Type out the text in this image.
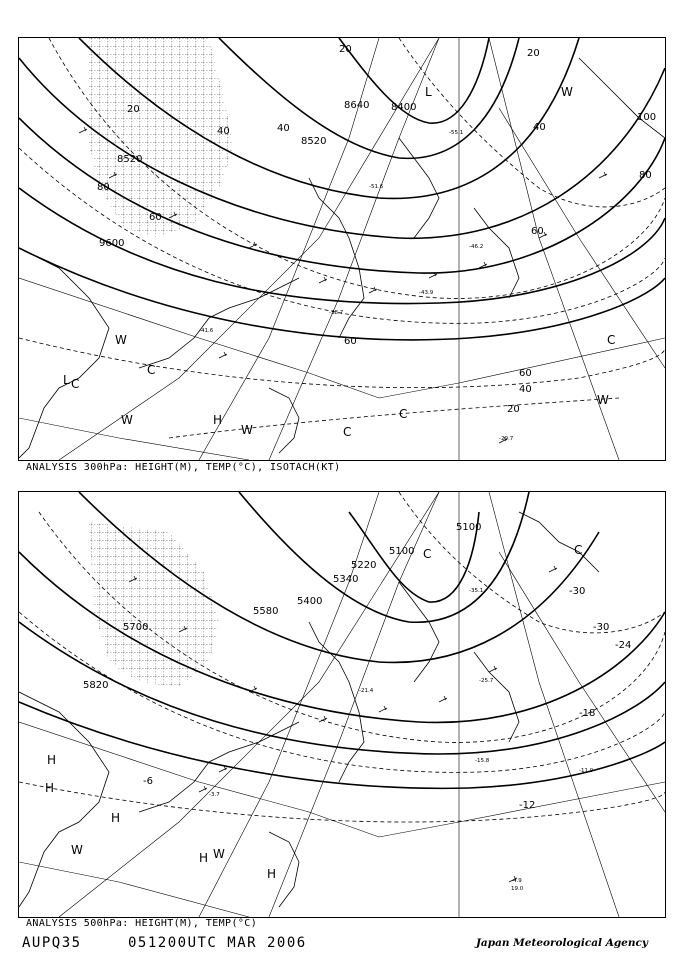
9600
8520
8640 8400
8520
20
40
60
60
40
20
20
40
60
80
100
20
40
60
80
W
W
W
L
C
C
H
W
C
C
C
W
L
-29.7
-41.6
-38.7
-43.9
-46.2
-51.6
-55.1
ANALYSIS 300hPa: HEIGHT(M), TEMP(°C), ISOTACH(KT)
5100
5100
5340
5220
5580
5400
5700
5820
-30
-24
-18
-12
-6
-30
C	C
H
H
H
W	W
H
H
-4.9
19.0
-3.7
-11.9
-15.8
-21.4
-25.7
-35.1
ANALYSIS 500hPa: HEIGHT(M), TEMP(°C)
AUPQ35	051200UTC MAR 2006	Japan Meteorological Agency
